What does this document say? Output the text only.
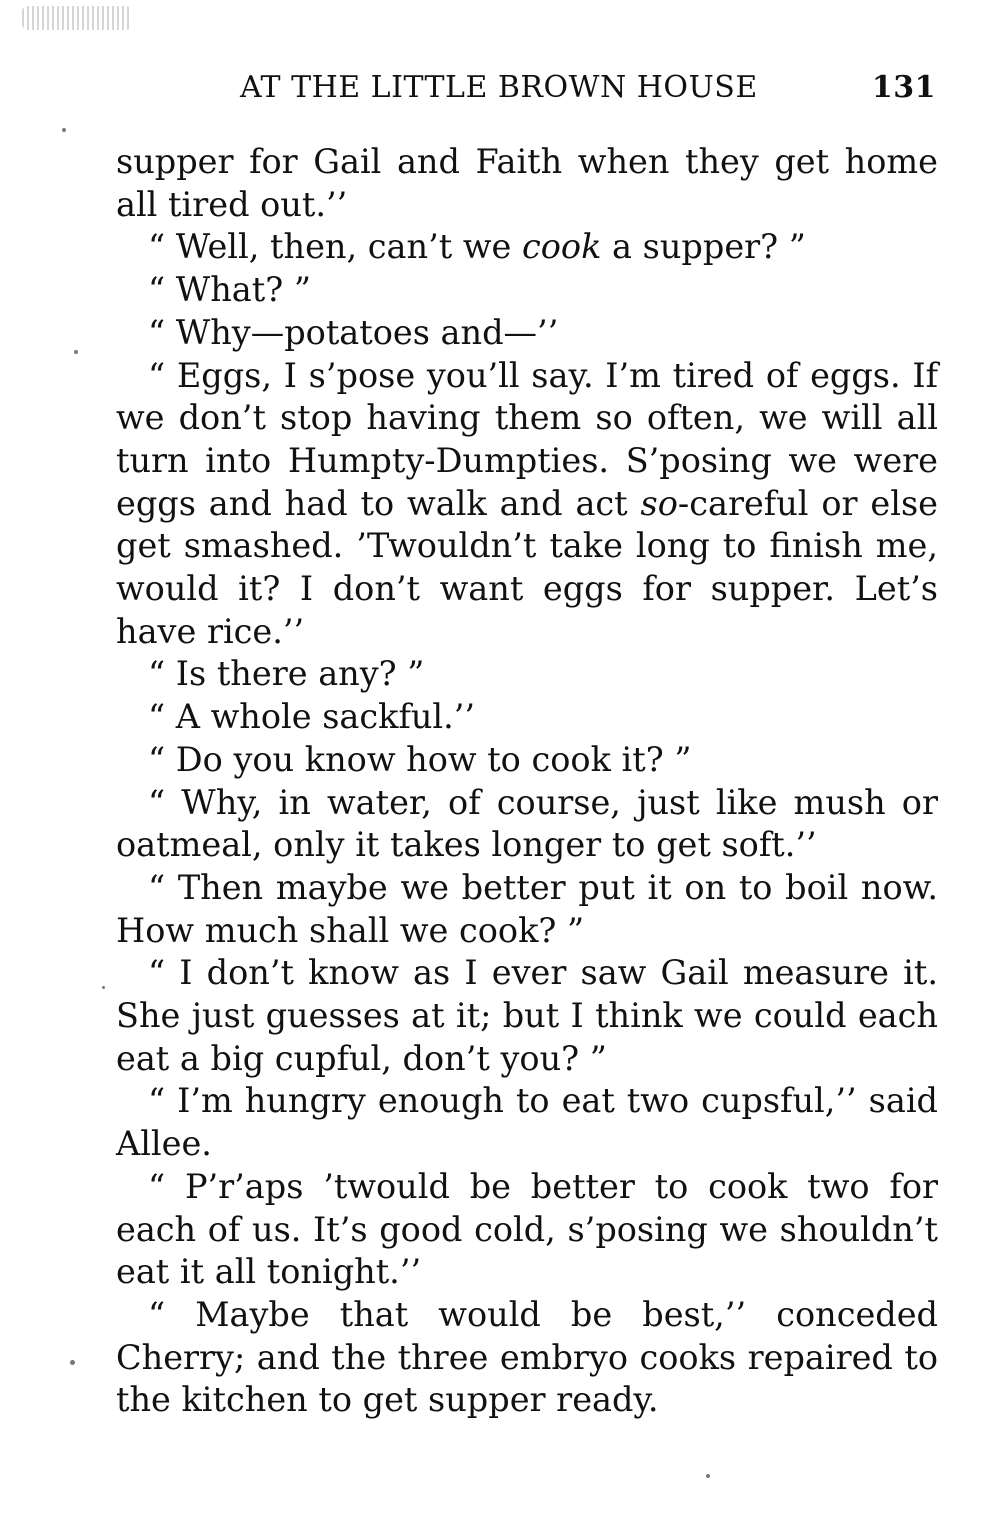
AT THE LITTLE BROWN HOUSE	131

supper for Gail and Faith when they get home all tired out.’’

“ Well, then, can’t we cook a supper? ”

“ What? ”

“ Why—potatoes and—’’

“ Eggs, I s’pose you’ll say. I’m tired of eggs. If we don’t stop having them so often, we will all turn into Humpty-Dumpties. S’posing we were eggs and had to walk and act so-careful or else get smashed. ’Twouldn’t take long to finish me, would it? I don’t want eggs for supper. Let’s have rice.’’

“ Is there any? ”

“ A whole sackful.’’

“ Do you know how to cook it? ”

“ Why, in water, of course, just like mush or oatmeal, only it takes longer to get soft.’’

“ Then maybe we better put it on to boil now. How much shall we cook? ”

“ I don’t know as I ever saw Gail measure it. She just guesses at it; but I think we could each eat a big cupful, don’t you? ”

“ I’m hungry enough to eat two cupsful,’’ said Allee.

“ P’r’aps ’twould be better to cook two for each of us. It’s good cold, s’posing we shouldn’t eat it all tonight.’’

“ Maybe that would be best,’’ conceded Cherry; and the three embryo cooks repaired to the kitchen to get supper ready.
